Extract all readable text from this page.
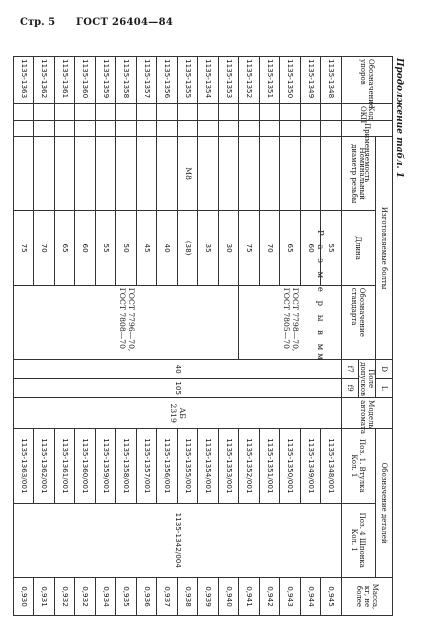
Стр. 5 ГОСТ 26404—84
Продолжение табл. 1
Р а з м е р ы в мм
Обозначение упоров	Код ОКП	Применяемость	Изготовляемые болты			D	L	Модель автомата	Обозначение деталей		Масса, кг, не более
			Номинальный диаметр резьбы	Длина	Обозначение стандарта	Поле допусков			Поз. 1. Втулка Кол. 1	Поз. 4 Шпонка Кол. 1	
						f7	f9				
1135-1348				55	ГОСТ 7798—70, ГОСТ 7805—70	40	105	АБ 2319	1135-1348/001	1135-1342/004	0,945
1135-1349				60					1135-1349/001		0,944
1135-1350				65					1135-1350/001		0,943
1135-1351				70					1135-1351/001		0,942
1135-1352				75					1135-1352/001		0,941
1135-1353				30	ГОСТ 7796—70, ГОСТ 7808—70				1135-1353/001		0,940
1135-1354				35					1135-1354/001		0,939
1135-1355			M8	(38)					1135-1355/001		0,938
1135-1356				40					1135-1356/001		0,937
1135-1357				45					1135-1357/001		0,936
1135-1358				50					1135-1358/001		0,935
1135-1359				55					1135-1359/001		0,934
1135-1360				60					1135-1360/001		0,932
1135-1361				65					1135-1361/001		0,932
1135-1362				70					1135-1362/001		0,931
1135-1363				75					1135-1363/001		0,930
